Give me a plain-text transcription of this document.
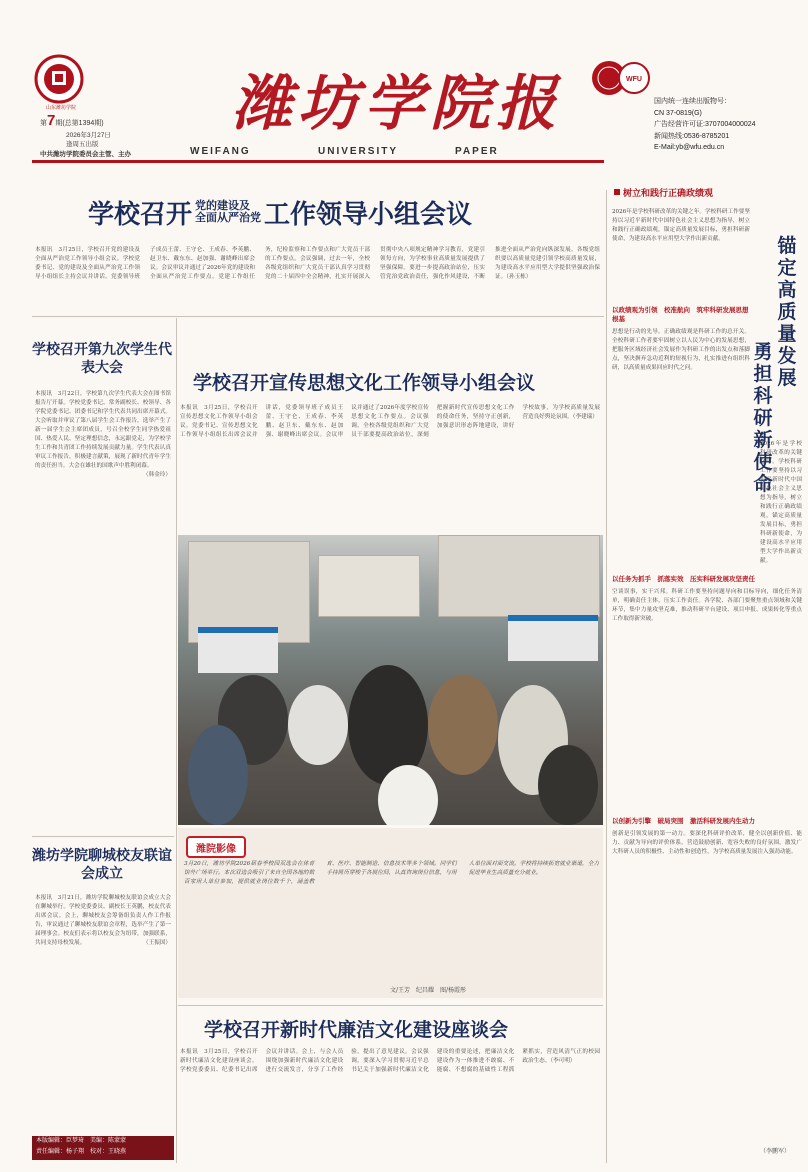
山东潍坊学院
第7期(总第1394期)
2026年3月27日
逢周五出版
中共潍坊学院委员会主管、主办
潍坊学院报
WEIFANG	UNIVERSITY	PAPER
WFU
国内统一连续出版物号：
CN 37-0819(G)
广告经营许可证:3707004000024
新闻热线:0536-8785201
E-Mail:yb@wfu.edu.cn
学校召开 党的建设及
全面从严治党 工作领导小组会议
本报讯　3月25日，学校召开党的建设及全面从严治党工作领导小组会议。学校党委书记、党的建设及全面从严治党工作领导小组组长主持会议并讲话。党委领导班子成员王蕾、王守仑、王成春、李英鹏、赵卫东、戴东东、赵加强、谢晓峰出席会议。会议审议并通过了2026年党的建设和全面从严治党工作要点。党建工作组任务，纪检监察和工作要点和广大党员干部的工作要点。会议强调，过去一年，全校各级党组织和广大党员干部认真学习贯彻党的二十届四中全会精神，扎实开展深入贯彻中央八项规定精神学习教育，党建引领每方向，为学校事业高质量发展提供了坚强保障。要进一步提高政治站位，压实管党治党政治责任，强化作风建设，不断推进全面从严治党向纵深发展。各级党组织要以高质量党建引领学校高质量发展，为建设高水平应用型大学提供坚强政治保证。（孙玉栋）
学校召开第九次学生代表大会
本报讯　3月22日，学校第九次学生代表大会在图书馆报告厅开幕。学校党委书记、常务副校长、校领导、各学院党委书记、团委书记和学生代表共同出席开幕式。大会听取并审议了第八届学生会工作报告，选举产生了新一届学生会主席团成员，号召全校学生同学热爱祖国、热爱人民、坚定理想信念，永远跟党走，为学校学生工作和共青团工作持续发展贡献力量。学生代表认真审议工作报告，积极建言献策，展现了新时代青年学生的责任担当。大会在雄壮的国歌声中胜利闭幕。
（韩金玲）
潍坊学院聊城校友联谊会成立
本报讯　3月21日，潍坊学院聊城校友联谊会成立大会在聊城举行。学校党委委员、副校长王英鹏，校友代表出席会议。会上，聊城校友会筹备组负责人作工作报告，审议通过了聊城校友联谊会章程，选举产生了第一届理事会。校友们表示将以校友会为纽带，加强联系，共同支持母校发展。	（王振国）
本版编辑：臣梦琦　美编：陈蒙蒙
责任编辑：杨子翔　校对：王晓燕
学校召开宣传思想文化工作领导小组会议
本报讯　3月25日，学校召开宣传思想文化工作领导小组会议。党委书记、宣传思想文化工作领导小组组长出席会议并讲话，党委领导班子成员王蕾、王守仑、王成春、李英鹏、赵卫东、戴东东、赵加强、谢晓峰出席会议。会议审议并通过了2026年度学校宣传思想文化工作要点。会议强调，全校各级党组织和广大党员干部要提高政治站位，深刻把握新时代宣传思想文化工作的使命任务，坚持守正创新，加强意识形态阵地建设，讲好学校故事，为学校高质量发展营造良好舆论氛围。（李建瑞）
潍院影像
3月20日，潍坊学院2026届春季校园双选会在体育馆外广场举行。本次双选会吸引了来自全国各地的数百家用人单位参加，提供就业岗位数千个，涵盖教育、医疗、智能制造、信息技术等多个领域。同学们手持简历穿梭于各展位间，认真咨询岗位信息，与用人单位面对面交流。学校将持续拓宽就业渠道，全力促进毕业生高质量充分就业。
文/王芳　纪昌耀　图/杨霞彤
学校召开新时代廉洁文化建设座谈会
本报讯　3月25日，学校召开新时代廉洁文化建设座谈会。学校党委委员、纪委书记出席会议并讲话。会上，与会人员围绕加强新时代廉洁文化建设进行交流发言，分享了工作经验，提出了意见建议。会议强调，要深入学习贯彻习近平总书记关于加强新时代廉洁文化建设的重要论述，把廉洁文化建设作为一体推进不敢腐、不能腐、不想腐的基础性工程抓紧抓实，营造风清气正的校园政治生态。（李可明）
树立和践行正确政绩观
锚定高质量发展
勇担科研新使命
2026年是学校科研改革的关键之年。学校科研工作要坚持以习近平新时代中国特色社会主义思想为指导，树立和践行正确政绩观，锚定高质量发展目标，勇担科研新使命，为建设高水平应用型大学作出新贡献。
以政绩观为引领　校准航向　筑牢科研发展思想根基
思想是行动的先导。正确政绩观是科研工作的总开关。全校科研工作者要牢固树立以人民为中心的发展思想，把服务区域经济社会发展作为科研工作的出发点和落脚点，坚决摒弃急功近利的短视行为，扎实推进有组织科研，以高质量成果回应时代之问。
2026年是学校科研改革的关键之年。学校科研工作要坚持以习近平新时代中国特色社会主义思想为指导，树立和践行正确政绩观，锚定高质量发展目标，勇担科研新使命，为建设高水平应用型大学作出新贡献。
以任务为抓手　抓落实效　压实科研发展攻坚责任
空谈误事，实干兴邦。科研工作要坚持问题导向和目标导向，细化任务清单，明确责任主体，压实工作责任。各学院、各部门要聚焦重点领域和关键环节，集中力量攻坚克难，推动科研平台建设、项目申报、成果转化等重点工作取得新突破。
以创新为引擎　破局突围　激活科研发展内生动力
创新是引领发展的第一动力。要深化科研评价改革，健全以创新价值、能力、贡献为导向的评价体系，营造鼓励创新、宽容失败的良好氛围，激发广大科研人员的积极性、主动性和创造性，为学校高质量发展注入强劲动能。
（李鹏军）
